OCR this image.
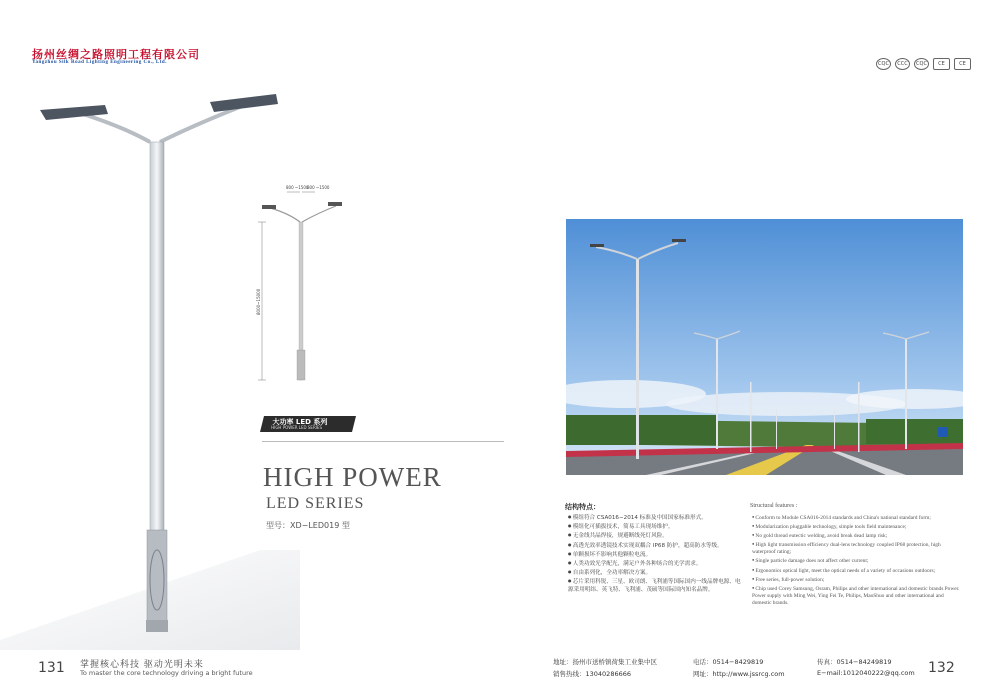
扬州丝绸之路照明工程有限公司
Yangzhou Silk Road Lighting Engineering Co., Ltd.	CQC	CCC	CQC	CE	CE
800 ~1500
800 ~1500
8000~15000
大功率 LED 系列
HIGH POWER LED SERIES
HIGH POWER
LED SERIES
型号：XD−LED019 型
结构特点：
● 模组符合 CSA016−2014 标准及中国国家标准形式。
● 模组化可插拔技术，简易工具现场维护。
● 无金线共晶焊接，规避断线死灯风险。
● 高透光效率透镜技术实现双耦合 IP68 防护，超高防水等级。
● 单颗损坏不影响其他颗粒电流。
● 人类功效光学配光，满足户外各种场合的光学需求。
● 自由系列化，全功率解决方案。
● 芯片采用科锐、三星、欧司朗、飞利浦等国际国内一线品牌电源、电源采用明纬、英飞特、飞利浦、茂硕等国际国内知名品牌。
Structural features :
● Conform to Module CSA016-2014 standards and China's national standard form;
● Modularization pluggable technology, simple tools field maintenance;
● No gold thread eutectic welding, avoid break dead lamp risk;
● High light transmission efficiency dual-lens technology coupled IP68 protection, high waterproof rating;
● Single particle damage does not affect other current;
● Ergonomics optical light, meet the optical needs of a variety of occasions outdoors;
● Free series, full-power solution;
● Chip used Corey Samsung, Osram, Philips and other international and domestic brands Power. Power supply with Ming Wei, Ying Fei Te, Philips, MaoShuo and other international and domestic brands.
131 掌握核心科技 驱动光明未来
To master the core technology driving a bright future
地址：扬州市送桥镇荷集工业集中区
销售热线：13040286666
电话：0514−8429819
网址：http://www.jssrcg.com
传真：0514−84249819
E−mail:1012040222@qq.com 132
